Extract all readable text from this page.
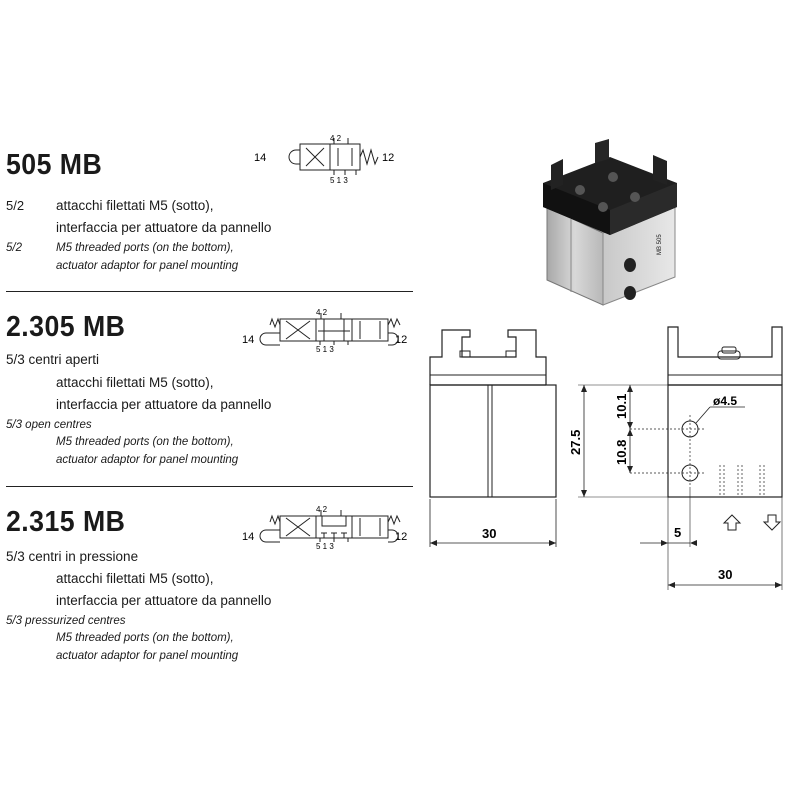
505 MB
5/2 attacchi filettati M5 (sotto),
interfaccia per attuatore da pannello
5/2	M5 threaded ports (on the bottom),
actuator adaptor for panel mounting
2.305 MB
5/3 centri aperti
attacchi filettati M5 (sotto),
interfaccia per attuatore da pannello
5/3 open centres
M5 threaded ports (on the bottom),
actuator adaptor for panel mounting
2.315 MB
5/3 centri in pressione
attacchi filettati M5 (sotto),
interfaccia per attuatore da pannello
5/3 pressurized centres
M5 threaded ports (on the bottom),
actuator adaptor for panel mounting
14	12
4 2
5 1 3
14	12
4 2
5 1 3
14	12
4 2
5 1 3
MB 505
30
ø4.5
27.5
10.1
10.8
5
30
